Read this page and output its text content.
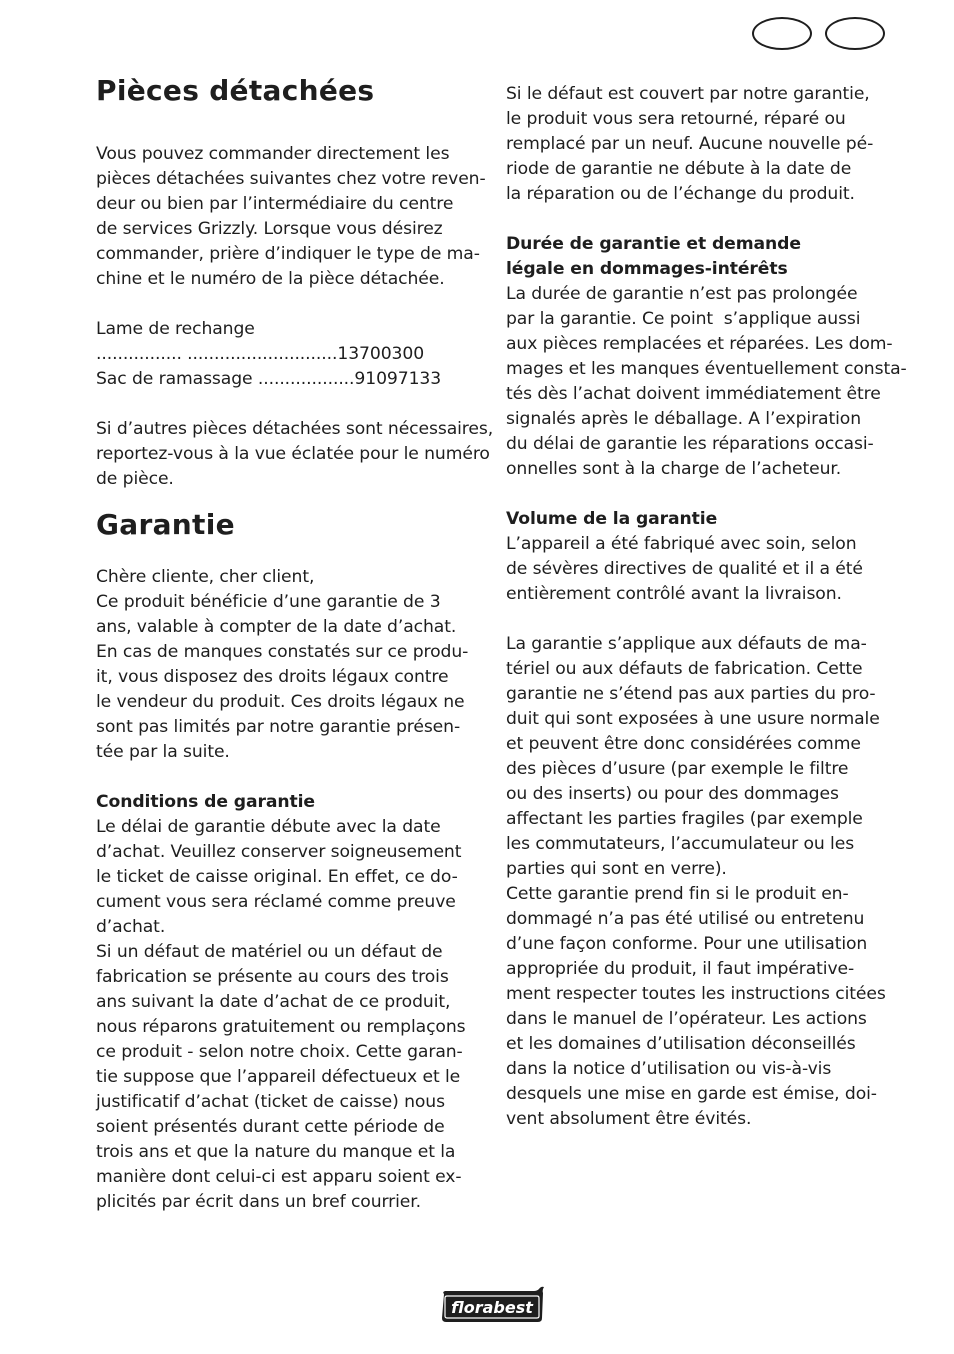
Pièces détachées
Vous pouvez commander directement les
pièces détachées suivantes chez votre reven-
deur ou bien par l’intermédiaire du centre
de services Grizzly. Lorsque vous désirez
commander, prière d’indiquer le type de ma-
chine et le numéro de la pièce détachée.
Lame de rechange
................ ............................13700300
Sac de ramassage ..................91097133
Si d’autres pièces détachées sont nécessaires,
reportez-vous à la vue éclatée pour le numéro
de pièce.
Garantie
Chère cliente, cher client,
Ce produit bénéficie d’une garantie de 3
ans, valable à compter de la date d’achat.
En cas de manques constatés sur ce produ-
it, vous disposez des droits légaux contre
le vendeur du produit. Ces droits légaux ne
sont pas limités par notre garantie présen-
tée par la suite.
Conditions de garantie
Le délai de garantie débute avec la date
d’achat. Veuillez conserver soigneusement
le ticket de caisse original. En effet, ce do-
cument vous sera réclamé comme preuve
d’achat.
Si un défaut de matériel ou un défaut de
fabrication se présente au cours des trois
ans suivant la date d’achat de ce produit,
nous réparons gratuitement ou remplaçons
ce produit - selon notre choix. Cette garan-
tie suppose que l’appareil défectueux et le
justificatif d’achat (ticket de caisse) nous
soient présentés durant cette période de
trois ans et que la nature du manque et la
manière dont celui-ci est apparu soient ex-
plicités par écrit dans un bref courrier.
Si le défaut est couvert par notre garantie,
le produit vous sera retourné, réparé ou
remplacé par un neuf. Aucune nouvelle pé-
riode de garantie ne débute à la date de
la réparation ou de l’échange du produit.
Durée de garantie et demande
légale en dommages-intérêts
La durée de garantie n’est pas prolongée
par la garantie. Ce point  s’applique aussi
aux pièces remplacées et réparées. Les dom-
mages et les manques éventuellement consta-
tés dès l’achat doivent immédiatement être
signalés après le déballage. A l’expiration
du délai de garantie les réparations occasi-
onnelles sont à la charge de l’acheteur.
Volume de la garantie
L’appareil a été fabriqué avec soin, selon
de sévères directives de qualité et il a été
entièrement contrôlé avant la livraison.
La garantie s’applique aux défauts de ma-
tériel ou aux défauts de fabrication. Cette
garantie ne s’étend pas aux parties du pro-
duit qui sont exposées à une usure normale
et peuvent être donc considérées comme
des pièces d’usure (par exemple le filtre
ou des inserts) ou pour des dommages
affectant les parties fragiles (par exemple
les commutateurs, l’accumulateur ou les
parties qui sont en verre).
Cette garantie prend fin si le produit en-
dommagé n’a pas été utilisé ou entretenu
d’une façon conforme. Pour une utilisation
appropriée du produit, il faut impérative-
ment respecter toutes les instructions citées
dans le manuel de l’opérateur. Les actions
et les domaines d’utilisation déconseillés
dans la notice d’utilisation ou vis-à-vis
desquels une mise en garde est émise, doi-
vent absolument être évités.
florabest
